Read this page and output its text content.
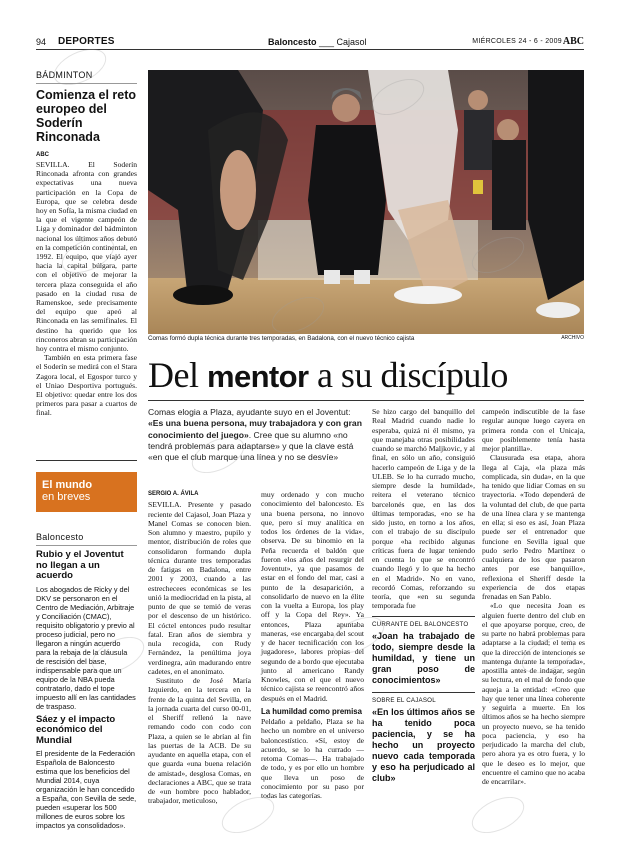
94 DEPORTES	Baloncesto ___ Cajasol	MIÉRCOLES 24 - 6 - 2009 ABC
BÁDMINTON
Comienza el reto europeo del Soderín Rinconada
ABC

SEVILLA. El Soderín Rinconada afronta con grandes expectativas una nueva participación en la Copa de Europa, que se celebra desde hoy en Sofía, la misma ciudad en la que el vigente campeón de Liga y dominador del bádminton nacional los últimos años debutó en la competición continental, en 1992. El equipo, que viajó ayer hacia la capital búlgara, parte con el objetivo de mejorar la tercera plaza conseguida el año pasado en la ciudad rusa de Ramenskoe, sede precisamente del equipo que apeó al Rinconada en las semifinales. El destino ha querido que los rinconeros abran su participación hoy contra el mismo conjunto.

También en esta primera fase el Soderín se medirá con el Stara Zagora local, el Egospor turco y el Uniao Desportiva portugués. El objetivo: quedar entre los dos primeros para pasar a cuartos de final.

El mundo
en breves
Baloncesto
Rubio y el Joventut no llegan a un acuerdo
Los abogados de Ricky y del DKV se personaron en el Centro de Mediación, Arbitraje y Conciliación (CMAC), requisito obligatorio y previo al proceso judicial, pero no llegaron a ningún acuerdo para la rebaja de la cláusula de rescisión del base, indispensable para que un equipo de la NBA pueda contratarlo, dado el tope impuesto allí en las cantidades de traspaso.
Sáez y el impacto económico del Mundial
El presidente de la Federación Española de Baloncesto estima que los beneficios del Mundial 2014, cuya organización le han concedido a España, con Sevilla de sede, pueden «superar los 500 millones de euros sobre los impactos ya consolidados».
Comas formó dupla técnica durante tres temporadas, en Badalona, con el nuevo técnico cajista	ARCHIVO
Del mentor a su discípulo
Comas elogia a Plaza, ayudante suyo en el Joventut: «Es una buena persona, muy trabajadora y con gran conocimiento del juego». Cree que su alumno «no tendrá problemas para adaptarse» y que la clave está «en que el club marque una línea y no se desvíe»
SERGIO A. ÁVILA

SEVILLA. Presente y pasado reciente del Cajasol, Joan Plaza y Manel Comas se conocen bien. Son alumno y maestro, pupilo y mentor, distribución de roles que consolidaron formando dupla técnica durante tres temporadas de fatigas en Badalona, entre 2001 y 2003, cuando a las estrechecees económicas se les unió la mediocridad en la pista, al punto de que se temió de veras por el descenso de un histórico. El cóctel entonces pudo resultar fatal. Eran años de siembra y nula recogida, con Rudy Fernández, la penúltima joya verdinegra, aún madurando entre cadetes, en el anonimato.

Sustituto de José María Izquierdo, en la tercera en la frente de la quinta del Sevilla, en la jornada cuarta del curso 00-01, el Sheriff rellenó la nave remando codo con codo con Plaza, a quien se le abrían al fin las puertas de la ACB. De su ayudante en aquella etapa, con el que guarda «una buena relación de amistad», desglosa Comas, en declaraciones a ABC, que se trata de «un hombre poco hablador, trabajador, meticuloso,

muy ordenado y con mucho conocimiento del baloncesto. Es una buena persona, no innovo que, pero sí muy analítica en todos los órdenes de la vida», observa. De su binomio en la Peña recuerda el baldón que fueron «los años del resurgir del Joventut», ya que pasamos de estar en el fondo del mar, casi a punto de la desaparición, a consolidarlo de nuevo en la élite con la vuelta a Europa, los play off y la Copa del Rey». Ya entonces, Plaza apuntaba maneras, «se encargaba del scout y de hacer tecnificación con los jugadores», labores propias del segundo de a bordo que ejecutaba junto al americano Randy Knowles, con el que el nuevo técnico cajista se reencontró años después en el Madrid.

La humildad como premisa

Peldaño a peldaño, Plaza se ha hecho un nombre en el universo baloncestístico. «Sí, estoy de acuerdo, se lo ha currado —retoma Comas—. Ha trabajado de todo, y es por ello un hombre que lleva un poso de conocimiento por su paso por todas las categorías.

Se hizo cargo del banquillo del Real Madrid cuando nadie lo esperaba, quizá ni él mismo, ya que manejaba otras posibilidades cuando se marchó Maljkovic, y al final, en sólo un año, consiguió hacerlo campeón de Liga y de la ULEB. Se lo ha currado mucho, siempre desde la humildad», reitera el veterano técnico barcelonés que, en las dos últimas temporadas, «no se ha sido justo, en torno a los años, con el trabajo de su discípulo porque «ha recibido algunas críticas fuera de lugar teniendo en cuenta lo que se encontró cuando llegó y lo que ha hecho en el Madrid». No en vano, recordó Comas, reforzando su teoría, que «en su segunda temporada fue

CURRANTE DEL BALONCESTO
«Joan ha trabajado de todo, siempre desde la humildad, y tiene un gran poso de conocimientos»
SOBRE EL CAJASOL
«En los últimos años se ha tenido poca paciencia, y se ha hecho un proyecto nuevo cada temporada y eso ha perjudicado al club»

campeón indiscutible de la fase regular aunque luego cayera en primera ronda con el Unicaja, que posiblemente tenía hasta mejor plantilla».

Clausurada esa etapa, ahora llega al Caja, «la plaza más complicada, sin duda», en la que ha tenido que lidiar Comas en su trayectoria. «Todo dependerá de la voluntad del club, de que parta de una línea clara y se mantenga en ella; si eso es así, Joan Plaza puede ser el entrenador que funcione en Sevilla igual que pudo serlo Pedro Martínez o cualquiera de los que pasaron antes por ese banquillo», reflexiona el Sheriff desde la experiencia de dos etapas frenadas en San Pablo.

«Lo que necesita Joan es alguien fuerte dentro del club en el que apoyarse porque, creo, de su parte no habrá problemas para adaptarse a la ciudad; el tema es que la dirección de intenciones se mantenga durante la temporada», apostilla antes de indagar, según su lectura, en el mal de fondo que aqueja a la entidad: «Creo que hay que tener una línea coherente y seguirla a muerte. En los últimos años se ha hecho siempre un proyecto nuevo, se ha tenido poca paciencia, y eso ha perjudicado la marcha del club, pero ahora ya es otro fuera, y lo que le deseo es lo mejor, que encuentre el camino que no acaba de encarrilar».
